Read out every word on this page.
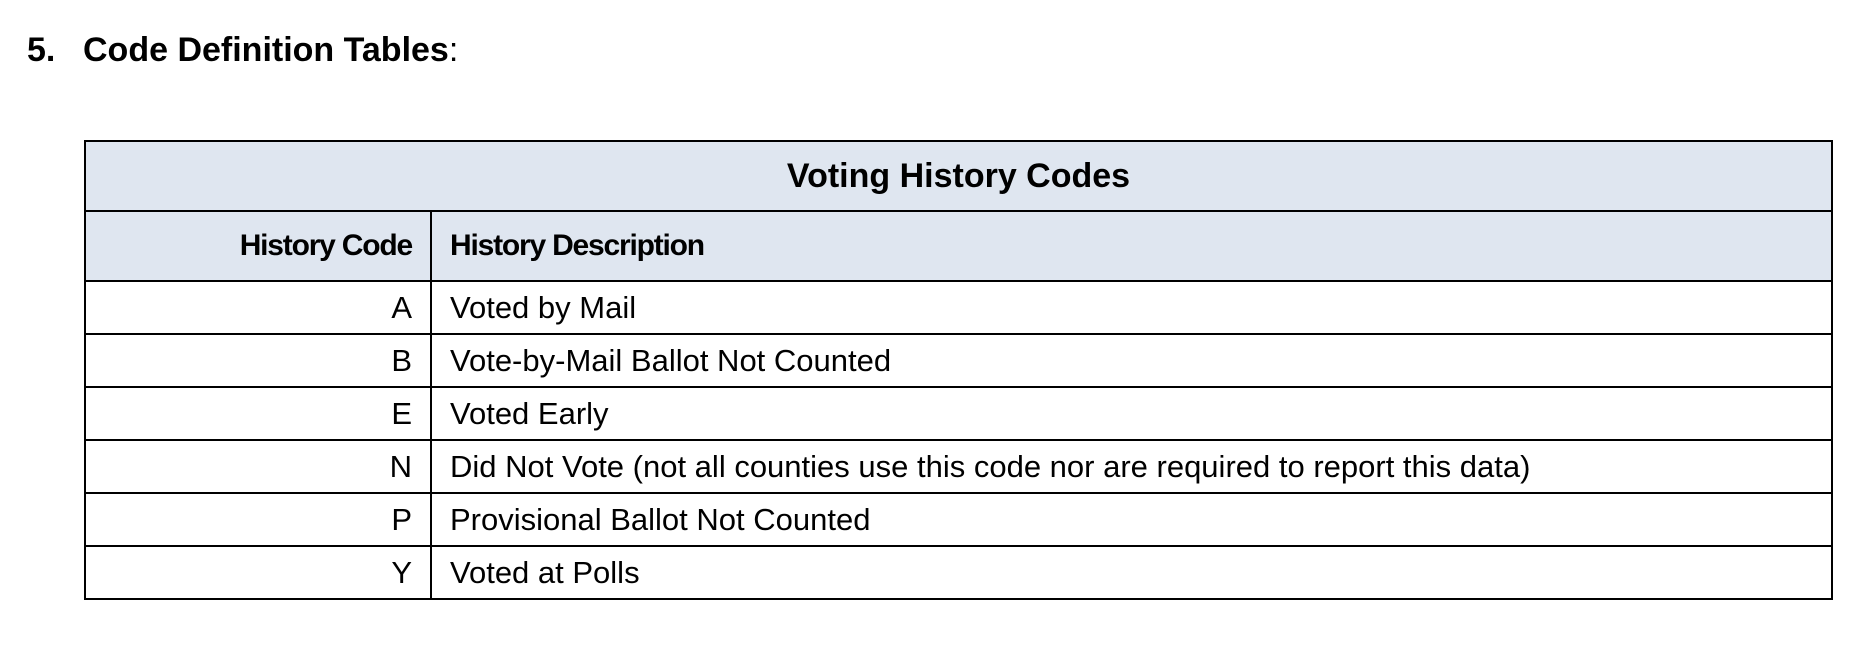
5. Code Definition Tables:
Voting History Codes	
History Code	History Description
A	Voted by Mail
B	Vote-by-Mail Ballot Not Counted
E	Voted Early
N	Did Not Vote (not all counties use this code nor are required to report this data)
P	Provisional Ballot Not Counted
Y	Voted at Polls
